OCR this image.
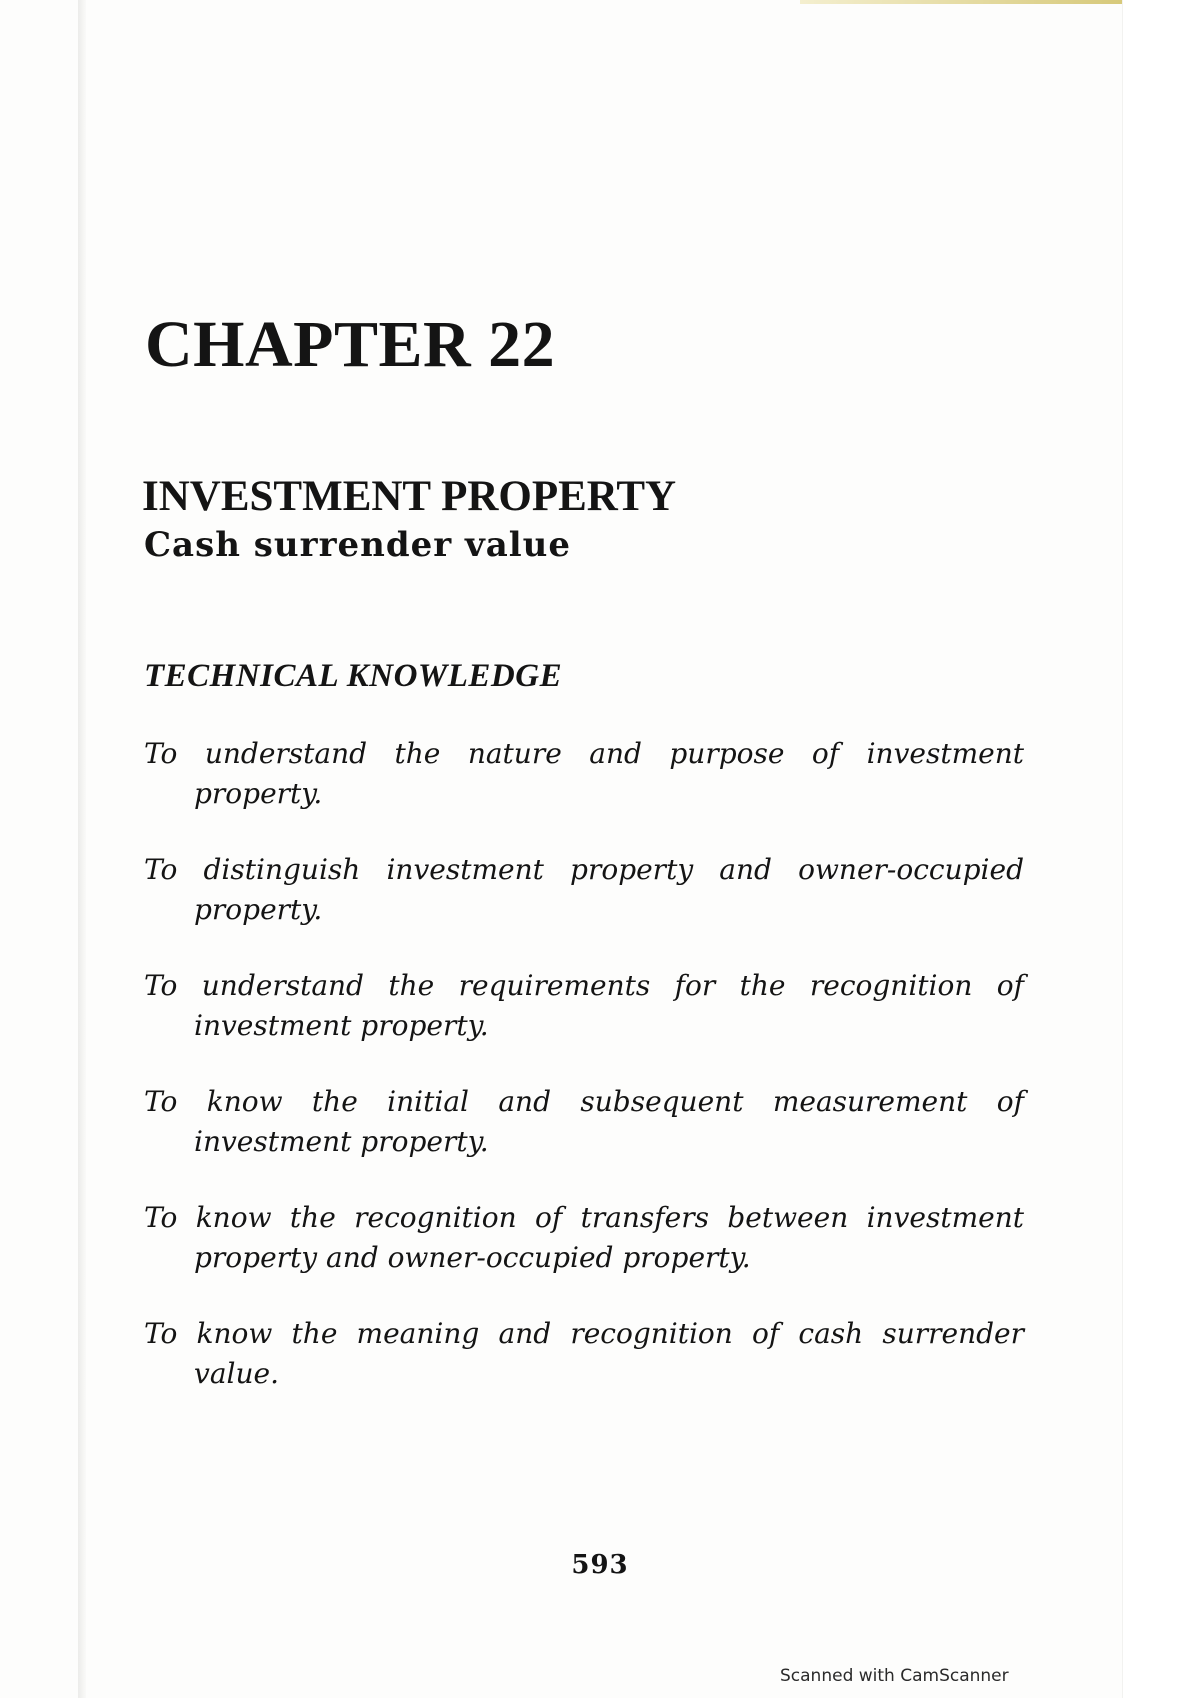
CHAPTER 22
INVESTMENT PROPERTY
Cash surrender value
TECHNICAL KNOWLEDGE
To understand the nature and purpose of investment property.
To distinguish investment property and owner-occupied property.
To understand the requirements for the recognition of investment property.
To know the initial and subsequent measurement of investment property.
To know the recognition of transfers between investment property and owner-occupied property.
To know the meaning and recognition of cash surrender value.

593

Scanned with CamScanner
